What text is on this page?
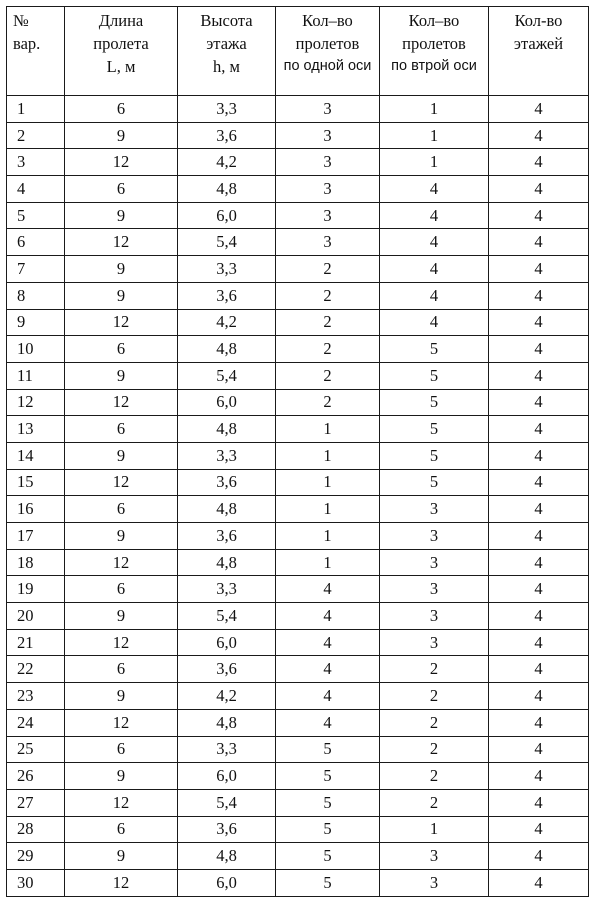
№
вар.	Длина
пролета
L, м	Высота
этажа
h, м	Кол–во
пролетов
по одной оси	Кол–во
пролетов
по втрой оси	Кол-во
этажей

1	6	3,3	3	1	4
2	9	3,6	3	1	4
3	12	4,2	3	1	4
4	6	4,8	3	4	4
5	9	6,0	3	4	4
6	12	5,4	3	4	4
7	9	3,3	2	4	4
8	9	3,6	2	4	4
9	12	4,2	2	4	4
10	6	4,8	2	5	4
11	9	5,4	2	5	4
12	12	6,0	2	5	4
13	6	4,8	1	5	4
14	9	3,3	1	5	4
15	12	3,6	1	5	4
16	6	4,8	1	3	4
17	9	3,6	1	3	4
18	12	4,8	1	3	4
19	6	3,3	4	3	4
20	9	5,4	4	3	4
21	12	6,0	4	3	4
22	6	3,6	4	2	4
23	9	4,2	4	2	4
24	12	4,8	4	2	4
25	6	3,3	5	2	4
26	9	6,0	5	2	4
27	12	5,4	5	2	4
28	6	3,6	5	1	4
29	9	4,8	5	3	4
30	12	6,0	5	3	4
